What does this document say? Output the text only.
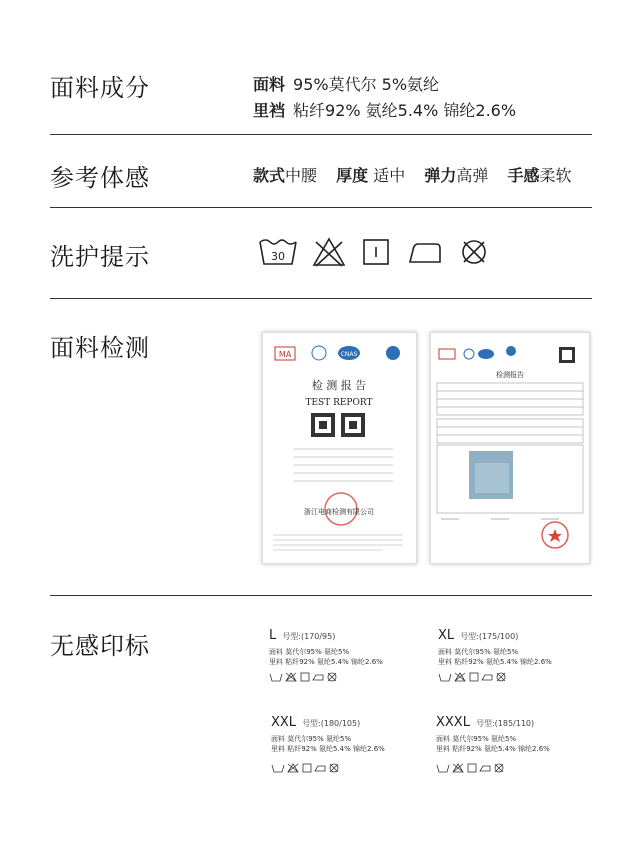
面料成分	面料 95%莫代尔 5%氨纶
里裆 粘纤92% 氨纶5.4% 锦纶2.6%
参考体感	款式中腰 厚度 适中 弹力高弹 手感柔软
洗护提示	30
面料检测	MA	CNAS
检 测 报 告
TEST REPORT
浙江电商检测有限公司
检测报告
无感印标	L号型:(170/95)
面料 莫代尔95% 氨纶5%
里料 粘纤92% 氨纶5.4% 锦纶2.6%
XL 号型:(175/100)
面料 莫代尔95% 氨纶5%
里料 粘纤92% 氨纶5.4% 锦纶2.6%
XXL 号型:(180/105)
面料 莫代尔95% 氨纶5%
里料 粘纤92% 氨纶5.4% 锦纶2.6%
XXXL 号型:(185/110)
面料 莫代尔95% 氨纶5%
里料 粘纤92% 氨纶5.4% 锦纶2.6%
